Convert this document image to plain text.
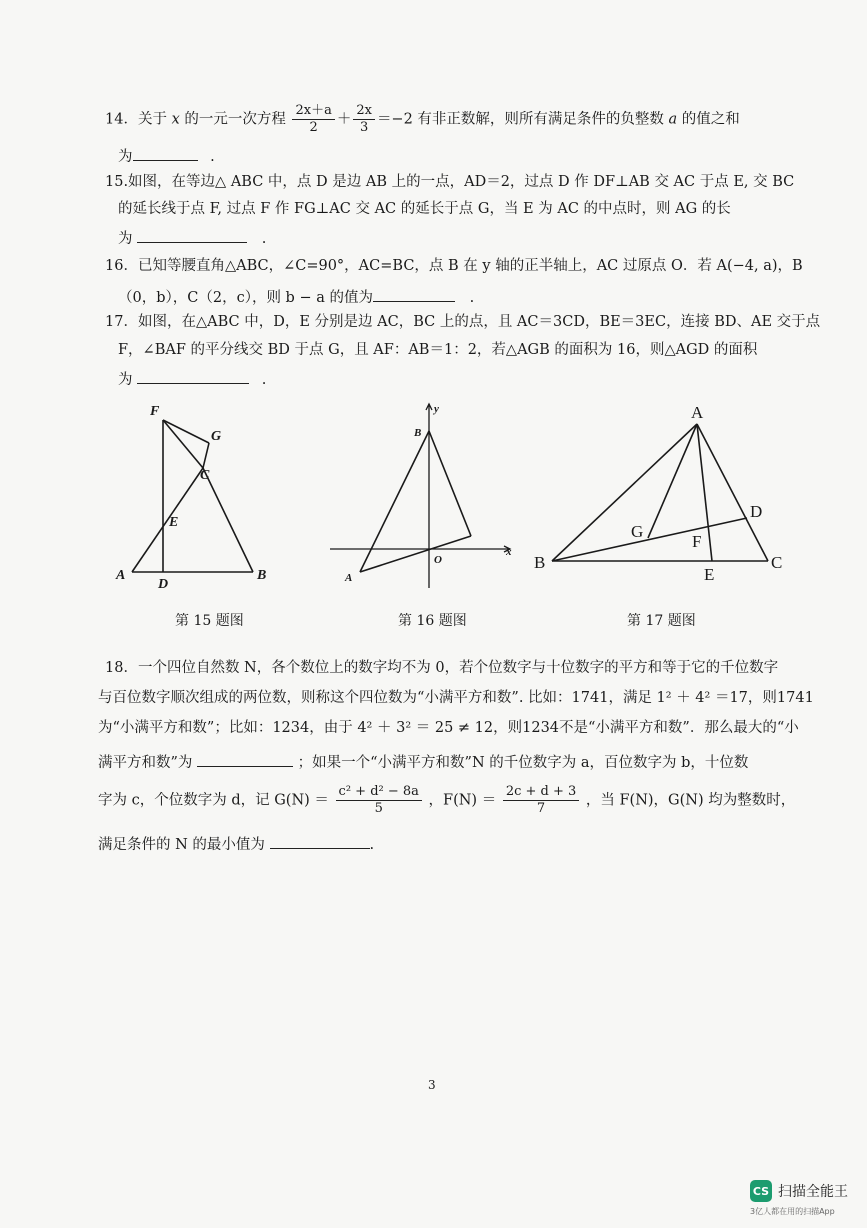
14．关于 x 的一元一次方程 $\frac{2x+a}{2} + \frac{2x}{3} =-2$ 有非正数解，则所有满足条件的负整数 a 的值之和
为	.
15.如图，在等边△ ABC 中，点 D 是边 AB 上的一点，AD＝2，过点 D 作 DF⊥AB 交 AC 于点 E, 交 BC
的延长线于点 F, 过点 F 作 FG⊥AC 交 AC 的延长于点 G，当 E 为 AC 的中点时，则 AG 的长
为	.
16．已知等腰直角△ABC，∠C=90°，AC=BC，点 B 在 y 轴的正半轴上，AC 过原点 O．若 A(−4, a)，B
（0，b），C（2，c），则 b − a 的值为	.
17．如图，在△ABC 中，D，E 分别是边 AC，BC 上的点，且 AC＝3CD，BE＝3EC，连接 BD、AE 交于点
F，∠BAF 的平分线交 BD 于点 G，且 AF：AB＝1：2，若△AGB 的面积为 16，则△AGD 的面积
为	.
F
G
C
E
A
D
B
第 15 题图
y
B
O
A
x
第 16 题图
A
D
G
F
B
E
C
第 17 题图
18．一个四位自然数 N，各个数位上的数字均不为 0，若个位数字与十位数字的平方和等于它的千位数字
与百位数字顺次组成的两位数，则称这个四位数为“小满平方和数”. 比如：1741，满足 1² ＋ 4² ＝17，则1741
为“小满平方和数”；比如：1234，由于 4² ＋ 3² ＝ 25 ≠ 12，则1234不是“小满平方和数”．那么最大的“小
满平方和数”为	；如果一个“小满平方和数”N 的千位数字为 a，百位数字为 b，十位数
字为 c，个位数字为 d，记 $G(N) = \frac{\text{c² + d² − 8a}}{5}$ ，$F(N) = \frac{2c + d + 3}{7}$ ，当 F(N)，G(N) 均为整数时，
满足条件的 N 的最小值为	.
3
CS 扫描全能王
3亿人都在用的扫描App
